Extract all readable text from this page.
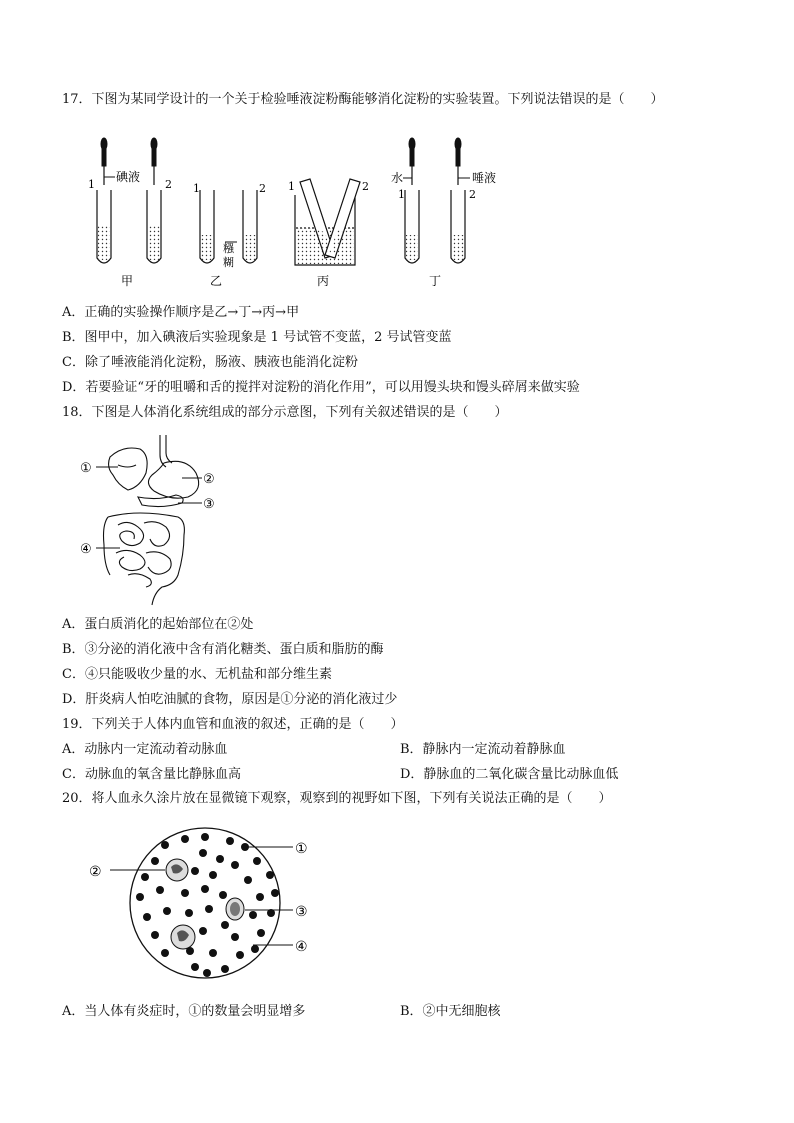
17．下图为某同学设计的一个关于检验唾液淀粉酶能够消化淀粉的实验装置。下列说法错误的是（　　）
碘液
1	2
甲
1	2
糨
糊
乙
1	2
丙
水	唾液
1	2
丁
A．正确的实验操作顺序是乙→丁→丙→甲
B．图甲中，加入碘液后实验现象是 1 号试管不变蓝，2 号试管变蓝
C．除了唾液能消化淀粉，肠液、胰液也能消化淀粉
D．若要验证“牙的咀嚼和舌的搅拌对淀粉的消化作用”，可以用馒头块和馒头碎屑来做实验
18．下图是人体消化系统组成的部分示意图，下列有关叙述错误的是（　　）
①
②
③
④
A．蛋白质消化的起始部位在②处
B．③分泌的消化液中含有消化糖类、蛋白质和脂肪的酶
C．④只能吸收少量的水、无机盐和部分维生素
D．肝炎病人怕吃油腻的食物，原因是①分泌的消化液过少
19．下列关于人体内血管和血液的叙述，正确的是（　　）
A．动脉内一定流动着动脉血	B．静脉内一定流动着静脉血
C．动脉血的氧含量比静脉血高	D．静脉血的二氧化碳含量比动脉血低
20．将人血永久涂片放在显微镜下观察，观察到的视野如下图，下列有关说法正确的是（　　）
②
①
③
④
A．当人体有炎症时，①的数量会明显增多	B．②中无细胞核
